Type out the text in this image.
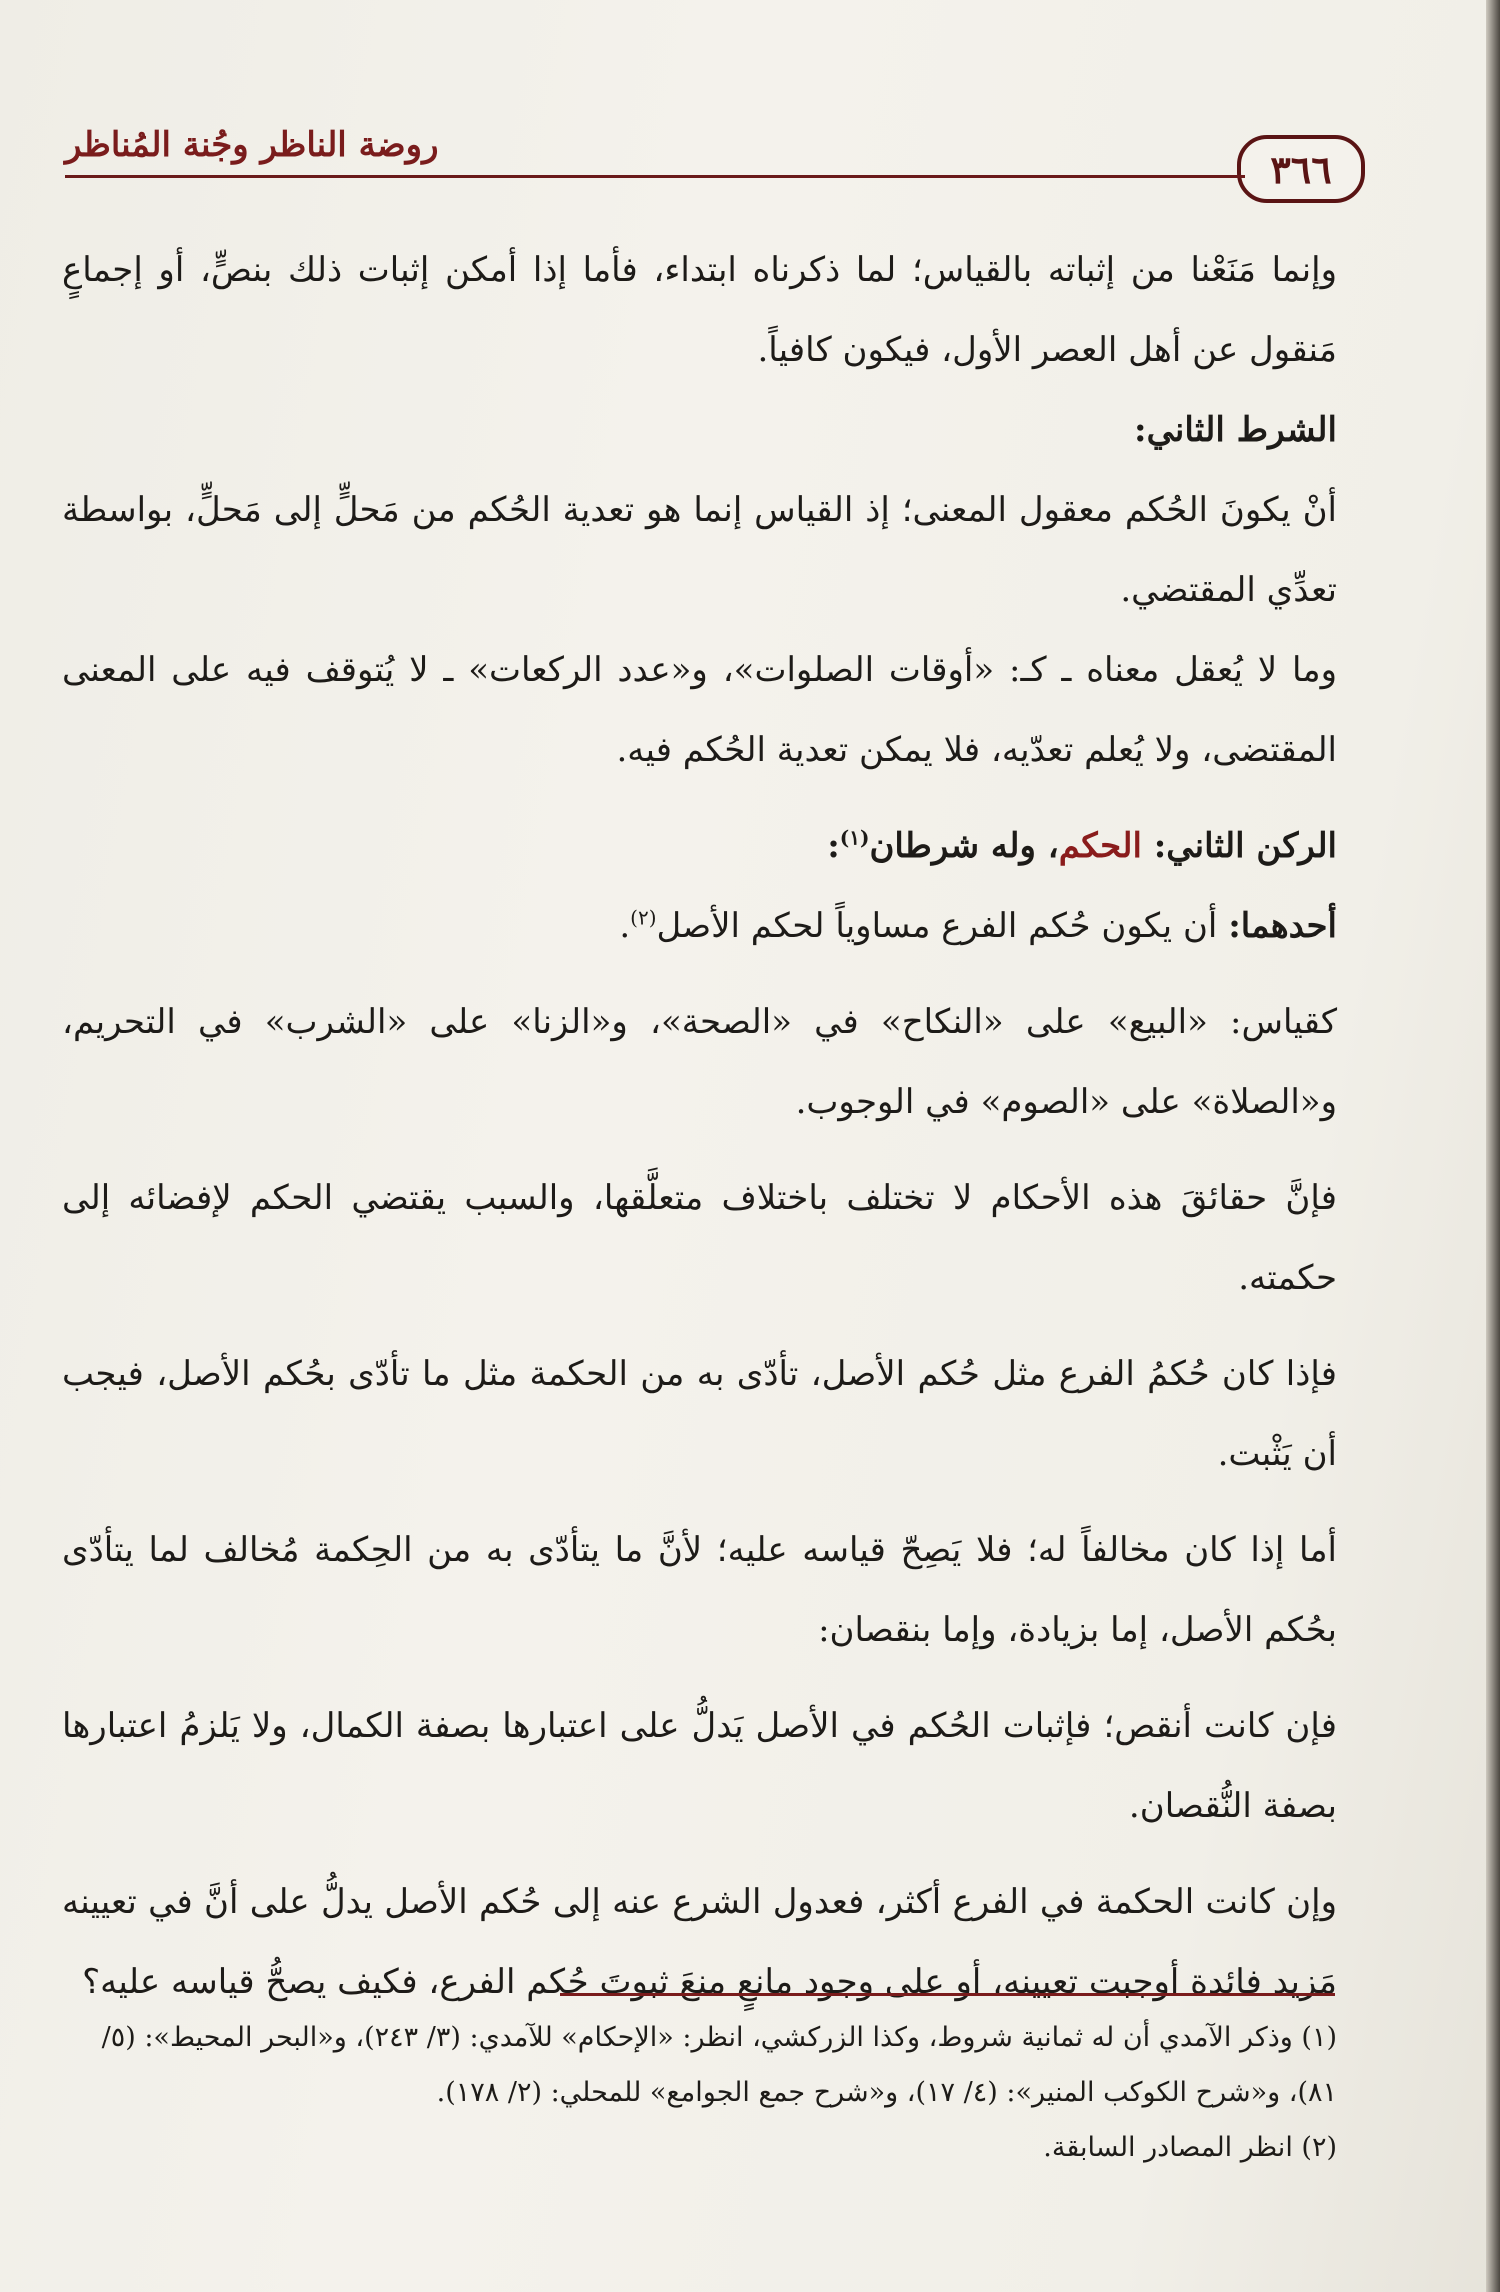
٣٦٦
روضة الناظر وجُنة المُناظر

وإنما مَنَعْنا من إثباته بالقياس؛ لما ذكرناه ابتداء، فأما إذا أمكن إثبات ذلك بنصٍّ، أو إجماعٍ مَنقول عن أهل العصر الأول، فيكون كافياً.

الشرط الثاني:

أنْ يكونَ الحُكم معقول المعنى؛ إذ القياس إنما هو تعدية الحُكم من مَحلٍّ إلى مَحلٍّ، بواسطة تعدِّي المقتضي.

وما لا يُعقل معناه ـ كـ: «أوقات الصلوات»، و«عدد الركعات» ـ لا يُتوقف فيه على المعنى المقتضى، ولا يُعلم تعدّيه، فلا يمكن تعدية الحُكم فيه.

الركن الثاني: الحكم، وله شرطان$^{(١)}$:

أحدهما: أن يكون حُكم الفرع مساوياً لحكم الأصل$^{(٢)}$.

كقياس: «البيع» على «النكاح» في «الصحة»، و«الزنا» على «الشرب» في التحريم، و«الصلاة» على «الصوم» في الوجوب.

فإنَّ حقائقَ هذه الأحكام لا تختلف باختلاف متعلَّقها، والسبب يقتضي الحكم لإفضائه إلى حكمته.

فإذا كان حُكمُ الفرع مثل حُكم الأصل، تأدّى به من الحكمة مثل ما تأدّى بحُكم الأصل، فيجب أن يَثْبت.

أما إذا كان مخالفاً له؛ فلا يَصِحّ قياسه عليه؛ لأنَّ ما يتأدّى به من الحِكمة مُخالف لما يتأدّى بحُكم الأصل، إما بزيادة، وإما بنقصان:

فإن كانت أنقص؛ فإثبات الحُكم في الأصل يَدلُّ على اعتبارها بصفة الكمال، ولا يَلزمُ اعتبارها بصفة النُّقصان.

وإن كانت الحكمة في الفرع أكثر، فعدول الشرع عنه إلى حُكم الأصل يدلُّ على أنَّ في تعيينه مَزيد فائدة أوجبت تعيينه، أو على وجود مانعٍ منعَ ثبوتَ حُكم الفرع، فكيف يصحُّ قياسه عليه؟

(١) وذكر الآمدي أن له ثمانية شروط، وكذا الزركشي، انظر: «الإحكام» للآمدي: (٣/ ٢٤٣)، و«البحر المحيط»: (٥/ ٨١)، و«شرح الكوكب المنير»: (٤/ ١٧)، و«شرح جمع الجوامع» للمحلي: (٢/ ١٧٨).

(٢) انظر المصادر السابقة.
